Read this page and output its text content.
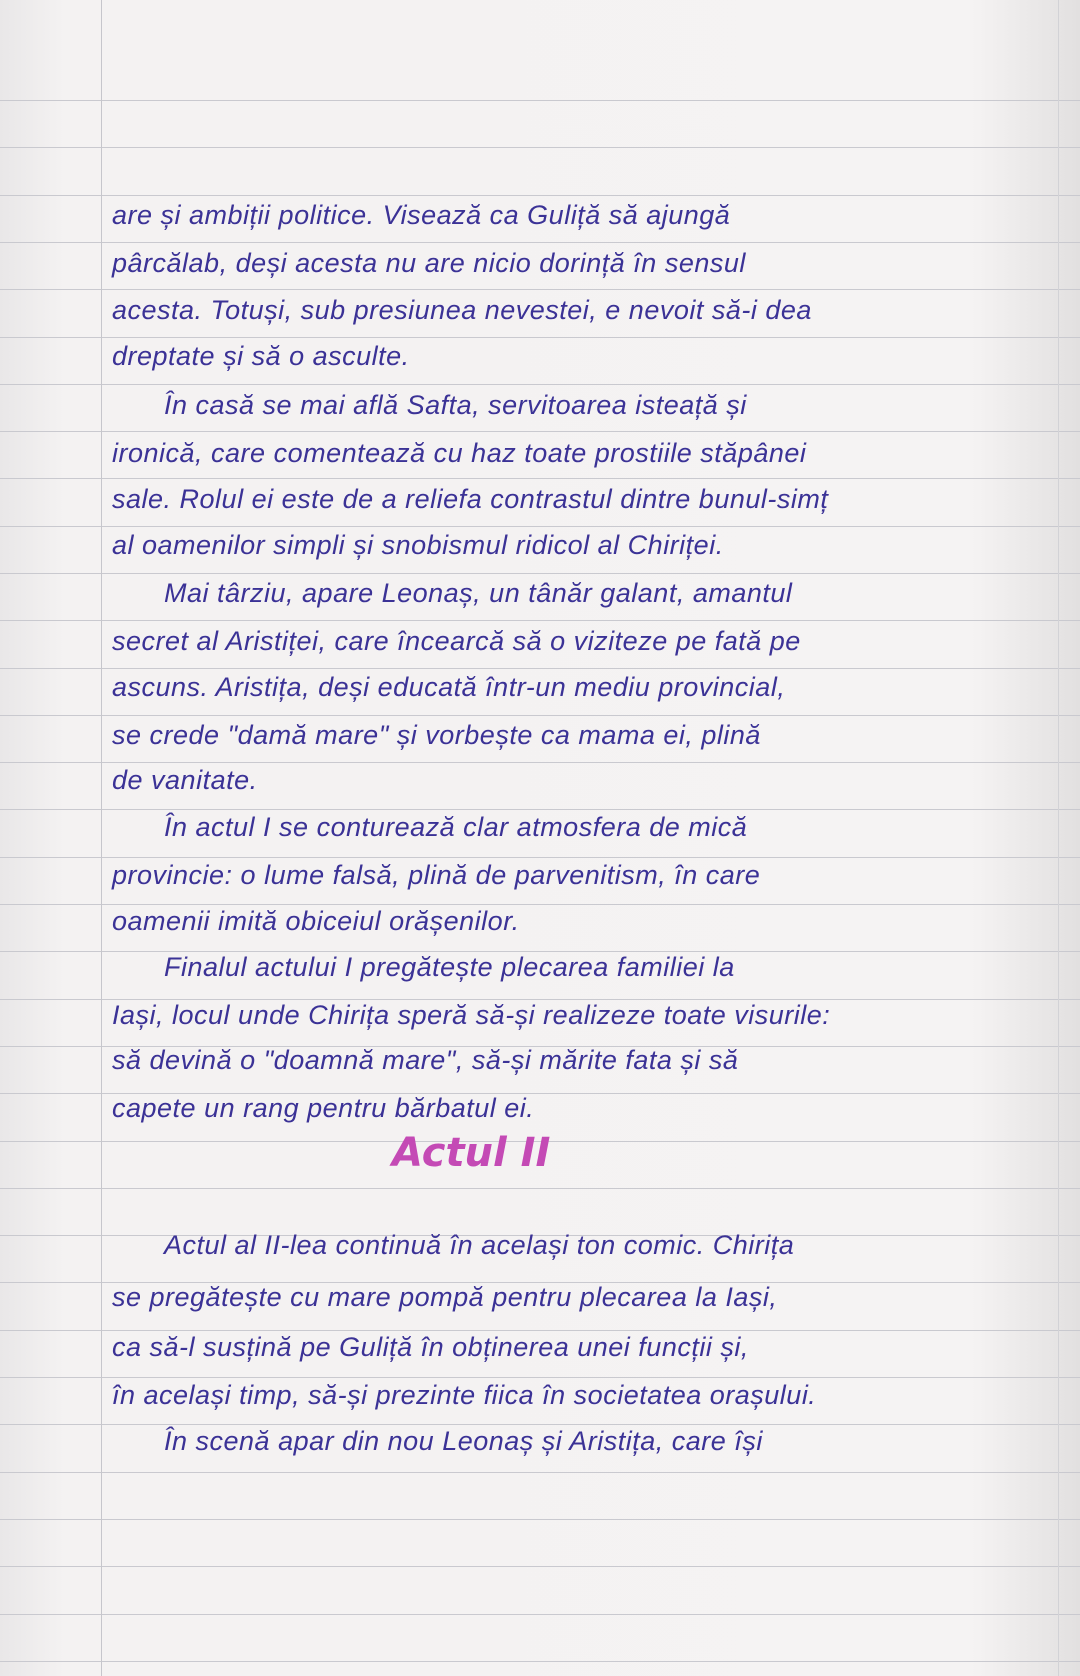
are și ambiții politice. Visează ca Guliță să ajungă
pârcălab, deși acesta nu are nicio dorință în sensul
acesta. Totuși, sub presiunea nevestei, e nevoit să-i dea
dreptate și să o asculte.
În casă se mai află Safta, servitoarea isteață și
ironică, care comentează cu haz toate prostiile stăpânei
sale. Rolul ei este de a reliefa contrastul dintre bunul-simț
al oamenilor simpli și snobismul ridicol al Chiriței.
Mai târziu, apare Leonaș, un tânăr galant, amantul
secret al Aristiței, care încearcă să o viziteze pe fată pe
ascuns. Aristița, deși educată într-un mediu provincial,
se crede "damă mare" și vorbește ca mama ei, plină
de vanitate.
În actul I se conturează clar atmosfera de mică
provincie: o lume falsă, plină de parvenitism, în care
oamenii imită obiceiul orășenilor.
Finalul actului I pregătește plecarea familiei la
Iași, locul unde Chirița speră să-și realizeze toate visurile:
să devină o "doamnă mare", să-și mărite fata și să
capete un rang pentru bărbatul ei.
Actul II
Actul al II-lea continuă în același ton comic. Chirița
se pregătește cu mare pompă pentru plecarea la Iași,
ca să-l susțină pe Guliță în obținerea unei funcții și,
în același timp, să-și prezinte fiica în societatea orașului.
În scenă apar din nou Leonaș și Aristița, care își
